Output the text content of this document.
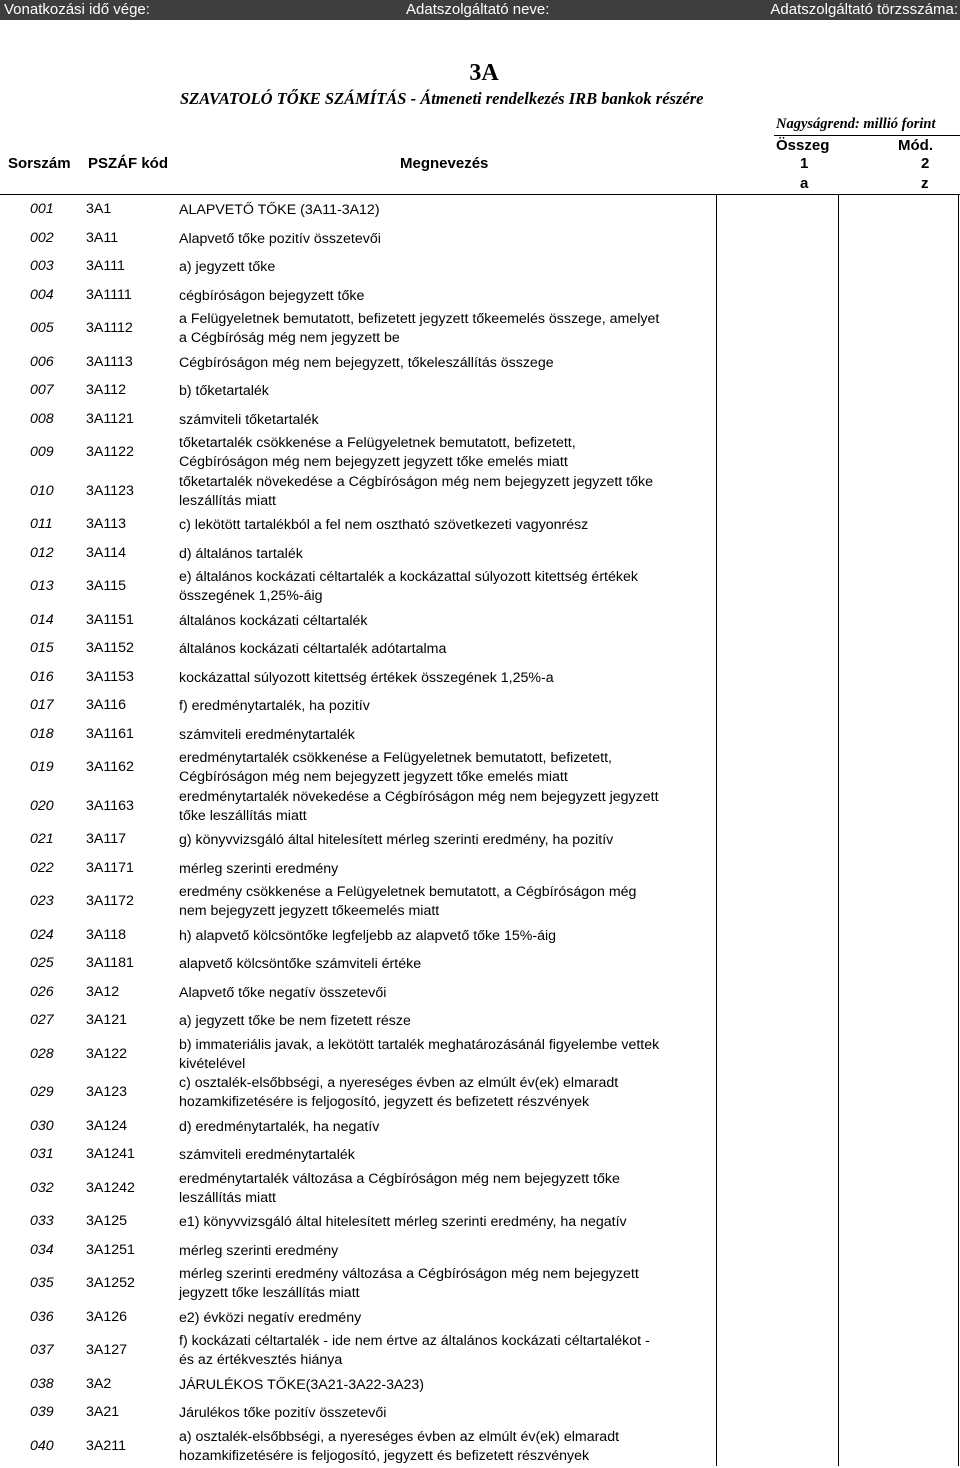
Vonatkozási idő vége:	Adatszolgáltató neve:	Adatszolgáltató törzsszáma:
3A
SZAVATOLÓ TŐKE SZÁMÍTÁS - Átmeneti rendelkezés IRB bankok részére
Nagyságrend: millió forint
Összeg	Mód.
Sorszám PSZÁF kód	Megnevezés	1	2
a	z
001 3A1	ALAPVETŐ TŐKE (3A11-3A12)
002 3A11	Alapvető tőke pozitív összetevői
003 3A111	a) jegyzett tőke
004 3A1111	cégbíróságon bejegyzett tőke
005 3A1112
a Felügyeletnek bemutatott, befizetett jegyzett tőkeemelés összege, amelyet
a Cégbíróság még nem jegyzett be
006 3A1113	Cégbíróságon még nem bejegyzett, tőkeleszállítás összege
007 3A112	b) tőketartalék
008 3A1121	számviteli tőketartalék
009 3A1122
tőketartalék csökkenése a Felügyeletnek bemutatott, befizetett,
Cégbíróságon még nem bejegyzett jegyzett tőke emelés miatt
010 3A1123
tőketartalék növekedése a Cégbíróságon még nem bejegyzett jegyzett tőke
leszállítás miatt
011 3A113	c) lekötött tartalékból a fel nem osztható szövetkezeti vagyonrész
012 3A114	d) általános tartalék
013 3A115
e) általános kockázati céltartalék a kockázattal súlyozott kitettség értékek
összegének 1,25%-áig
014 3A1151	általános kockázati céltartalék
015 3A1152	általános kockázati céltartalék adótartalma
016 3A1153	kockázattal súlyozott kitettség értékek összegének 1,25%-a
017 3A116	f) eredménytartalék, ha pozitív
018 3A1161	számviteli eredménytartalék
019 3A1162
eredménytartalék csökkenése a Felügyeletnek bemutatott, befizetett,
Cégbíróságon még nem bejegyzett jegyzett tőke emelés miatt
020 3A1163
eredménytartalék növekedése a Cégbíróságon még nem bejegyzett jegyzett
tőke leszállítás miatt
021 3A117	g) könyvvizsgáló által hitelesített mérleg szerinti eredmény, ha pozitív
022 3A1171	mérleg szerinti eredmény
023 3A1172
eredmény csökkenése a Felügyeletnek bemutatott, a Cégbíróságon még
nem bejegyzett jegyzett tőkeemelés miatt
024 3A118	h) alapvető kölcsöntőke legfeljebb az alapvető tőke 15%-áig
025 3A1181	alapvető kölcsöntőke számviteli értéke
026 3A12	Alapvető tőke negatív összetevői
027 3A121	a) jegyzett tőke be nem fizetett része
028 3A122
b) immateriális javak, a lekötött tartalék meghatározásánál figyelembe vettek
kivételével
029 3A123
c) osztalék-elsőbbségi, a nyereséges évben az elmúlt év(ek) elmaradt
hozamkifizetésére is feljogosító, jegyzett és befizetett részvények
030 3A124	d) eredménytartalék, ha negatív
031 3A1241	számviteli eredménytartalék
032 3A1242
eredménytartalék változása a Cégbíróságon még nem bejegyzett tőke
leszállítás miatt
033 3A125	e1) könyvvizsgáló által hitelesített mérleg szerinti eredmény, ha negatív
034 3A1251	mérleg szerinti eredmény
035 3A1252
mérleg szerinti eredmény változása a Cégbíróságon még nem bejegyzett
jegyzett tőke leszállítás miatt
036 3A126	e2) évközi negatív eredmény
037 3A127
f) kockázati céltartalék - ide nem értve az általános kockázati céltartalékot -
és az értékvesztés hiánya
038 3A2	JÁRULÉKOS TŐKE(3A21-3A22-3A23)
039 3A21	Járulékos tőke pozitív összetevői
040 3A211
a) osztalék-elsőbbségi, a nyereséges évben az elmúlt év(ek) elmaradt
hozamkifizetésére is feljogosító, jegyzett és befizetett részvények
